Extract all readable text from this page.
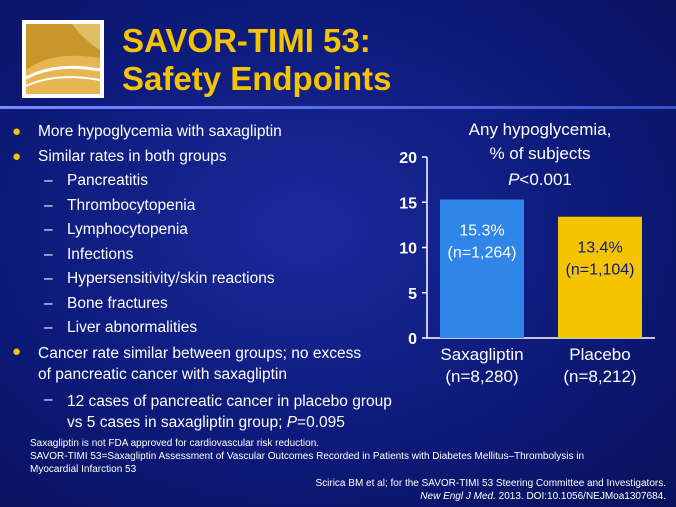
SAVOR-TIMI 53:
Safety Endpoints
● More hypoglycemia with saxagliptin
● Similar rates in both groups
– Pancreatitis
– Thrombocytopenia
– Lymphocytopenia
– Infections
– Hypersensitivity/skin reactions
– Bone fractures
– Liver abnormalities
● Cancer rate similar between groups; no excess
of pancreatic cancer with saxagliptin
– 12 cases of pancreatic cancer in placebo group
vs 5 cases in saxagliptin group; P=0.095
Any hypoglycemia,
% of subjects
P<0.001
0
5
10
15
20
15.3%
(n=1,264)
Saxagliptin
(n=8,280)
13.4%
(n=1,104)
Placebo
(n=8,212)
Saxagliptin is not FDA approved for cardiovascular risk reduction.
SAVOR-TIMI 53=Saxagliptin Assessment of Vascular Outcomes Recorded in Patients with Diabetes Mellitus–Thrombolysis in
Myocardial Infarction 53
Scirica BM et al; for the SAVOR-TIMI 53 Steering Committee and Investigators.
New Engl J Med. 2013. DOI:10.1056/NEJMoa1307684.
